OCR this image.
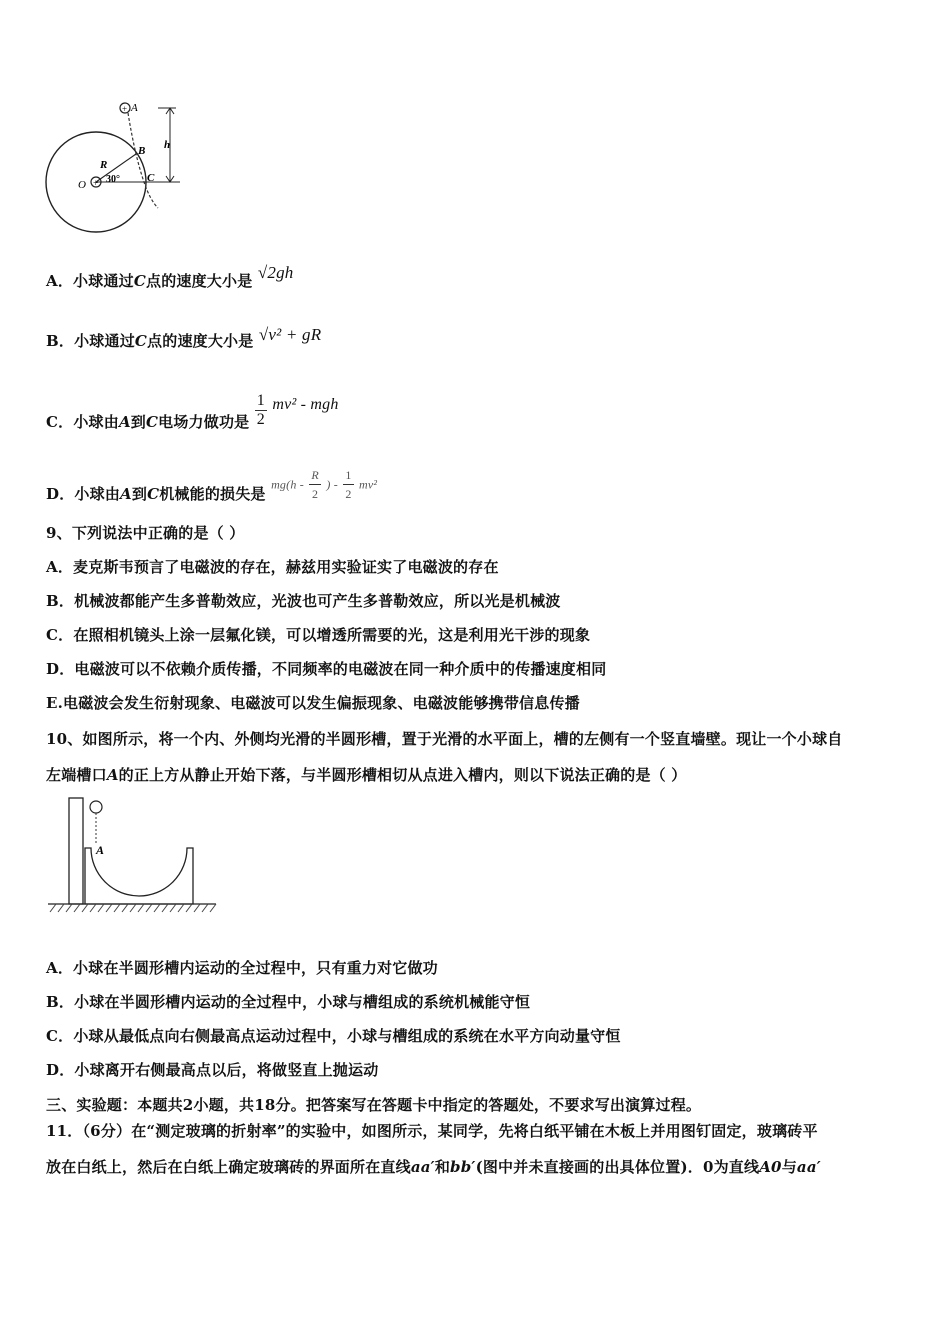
+ A
+
O
B
R
30° C
h
A．小球通过C点的速度大小是 √2gh
B．小球通过C点的速度大小是 √v² + gR
C．小球由A到C电场力做功是 $\frac{1}{2} mv^2$ - mgh
D．小球由A到C机械能的损失是 $mg(h - \frac{R}{2}$ ) - $\frac{1}{2} mv^2$
9、下列说法中正确的是（ ）
A．麦克斯韦预言了电磁波的存在，赫兹用实验证实了电磁波的存在
B．机械波都能产生多普勒效应，光波也可产生多普勒效应，所以光是机械波
C．在照相机镜头上涂一层氟化镁，可以增透所需要的光，这是利用光干涉的现象
D．电磁波可以不依赖介质传播，不同频率的电磁波在同一种介质中的传播速度相同
E.电磁波会发生衍射现象、电磁波可以发生偏振现象、电磁波能够携带信息传播
10、如图所示，将一个内、外侧均光滑的半圆形槽，置于光滑的水平面上，槽的左侧有一个竖直墙壁。现让一个小球自
左端槽口A的正上方从静止开始下落，与半圆形槽相切从点进入槽内，则以下说法正确的是（ ）
A
A．小球在半圆形槽内运动的全过程中，只有重力对它做功
B．小球在半圆形槽内运动的全过程中，小球与槽组成的系统机械能守恒
C．小球从最低点向右侧最高点运动过程中，小球与槽组成的系统在水平方向动量守恒
D．小球离开右侧最高点以后，将做竖直上抛运动
三、实验题：本题共2小题，共18分。把答案写在答题卡中指定的答题处，不要求写出演算过程。
11．（6分）在“测定玻璃的折射率”的实验中，如图所示，某同学，先将白纸平铺在木板上并用图钉固定，玻璃砖平
放在白纸上，然后在白纸上确定玻璃砖的界面所在直线aa′和bb′(图中并未直接画的出具体位置)．0为直线A0与aa′
